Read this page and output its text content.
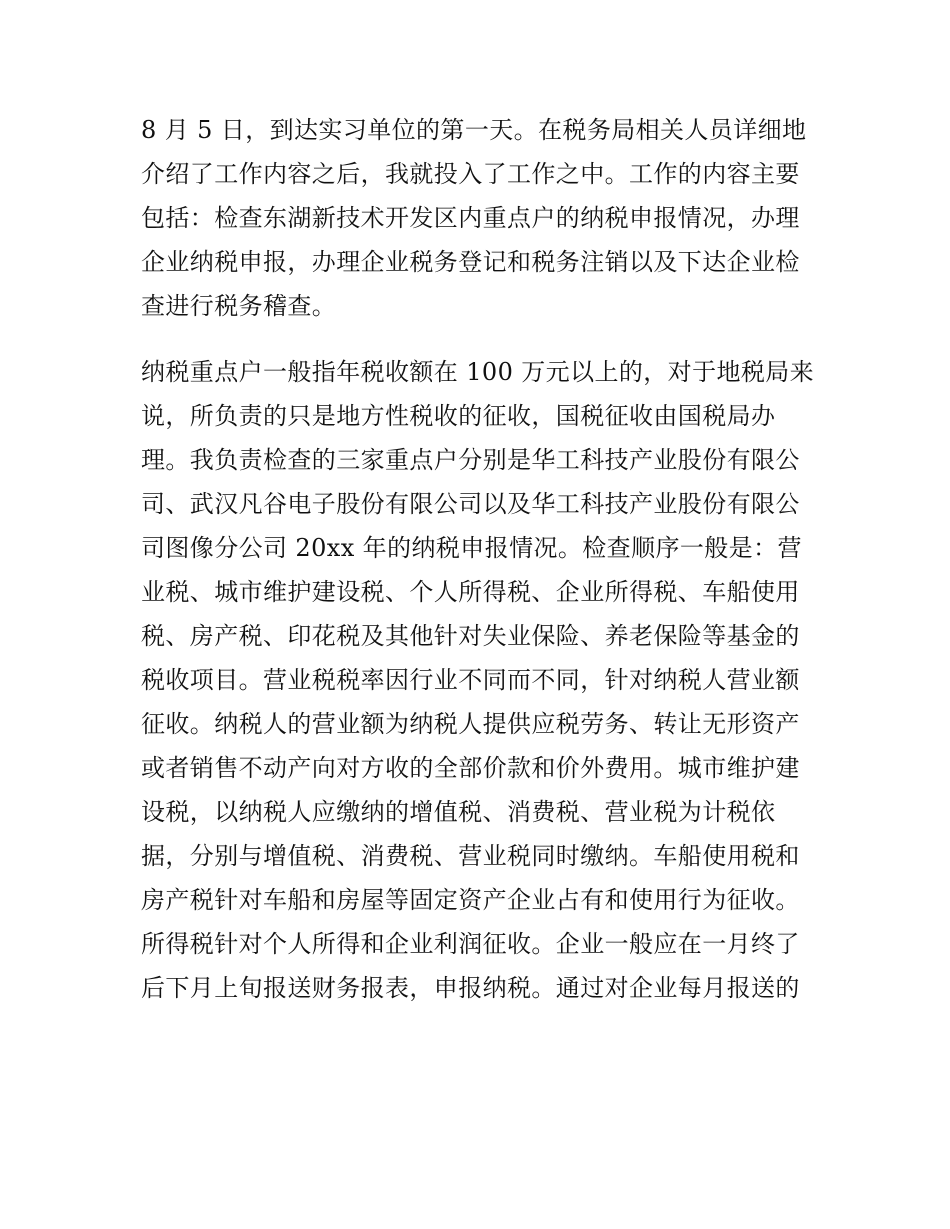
8 月 5 日，到达实习单位的第一天。在税务局相关人员详细地
介绍了工作内容之后，我就投入了工作之中。工作的内容主要
包括：检查东湖新技术开发区内重点户的纳税申报情况，办理
企业纳税申报，办理企业税务登记和税务注销以及下达企业检
查进行税务稽查。
纳税重点户一般指年税收额在 100 万元以上的，对于地税局来
说，所负责的只是地方性税收的征收，国税征收由国税局办
理。我负责检查的三家重点户分别是华工科技产业股份有限公
司、武汉凡谷电子股份有限公司以及华工科技产业股份有限公
司图像分公司 20xx 年的纳税申报情况。检查顺序一般是：营
业税、城市维护建设税、个人所得税、企业所得税、车船使用
税、房产税、印花税及其他针对失业保险、养老保险等基金的
税收项目。营业税税率因行业不同而不同，针对纳税人营业额
征收。纳税人的营业额为纳税人提供应税劳务、转让无形资产
或者销售不动产向对方收的全部价款和价外费用。城市维护建
设税，以纳税人应缴纳的增值税、消费税、营业税为计税依
据，分别与增值税、消费税、营业税同时缴纳。车船使用税和
房产税针对车船和房屋等固定资产企业占有和使用行为征收。
所得税针对个人所得和企业利润征收。企业一般应在一月终了
后下月上旬报送财务报表，申报纳税。通过对企业每月报送的
